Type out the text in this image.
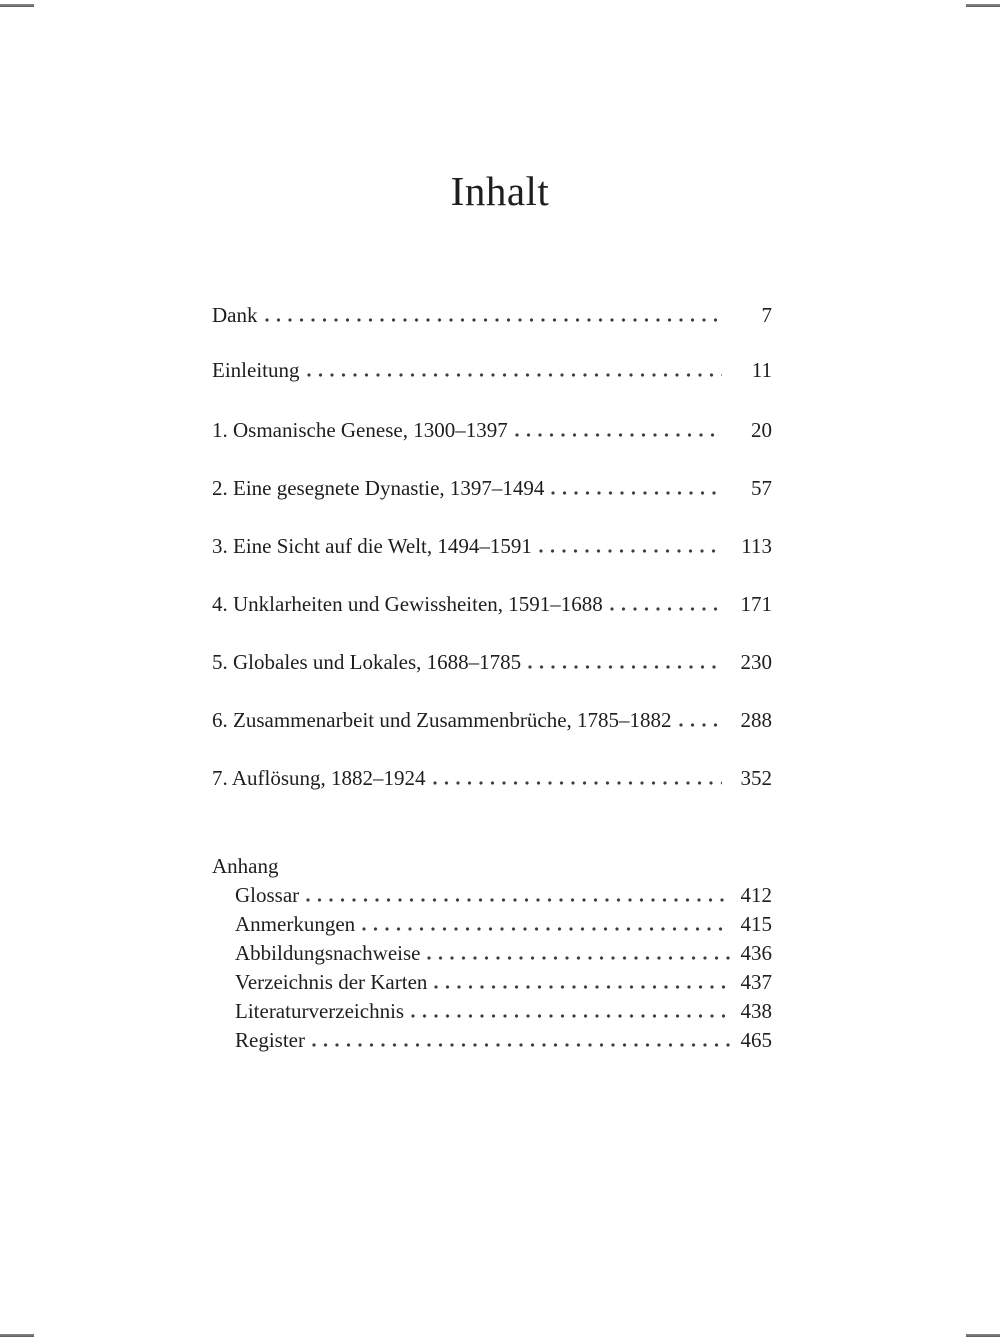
Inhalt
Dank	7
Einleitung	11
1. Osmanische Genese, 1300–1397	20
2. Eine gesegnete Dynastie, 1397–1494	57
3. Eine Sicht auf die Welt, 1494–1591	113
4. Unklarheiten und Gewissheiten, 1591–1688	171
5. Globales und Lokales, 1688–1785	230
6. Zusammenarbeit und Zusammenbrüche, 1785–1882	288
7. Auflösung, 1882–1924	352
Anhang
Glossar	412
Anmerkungen	415
Abbildungsnachweise	436
Verzeichnis der Karten	437
Literaturverzeichnis	438
Register	465
